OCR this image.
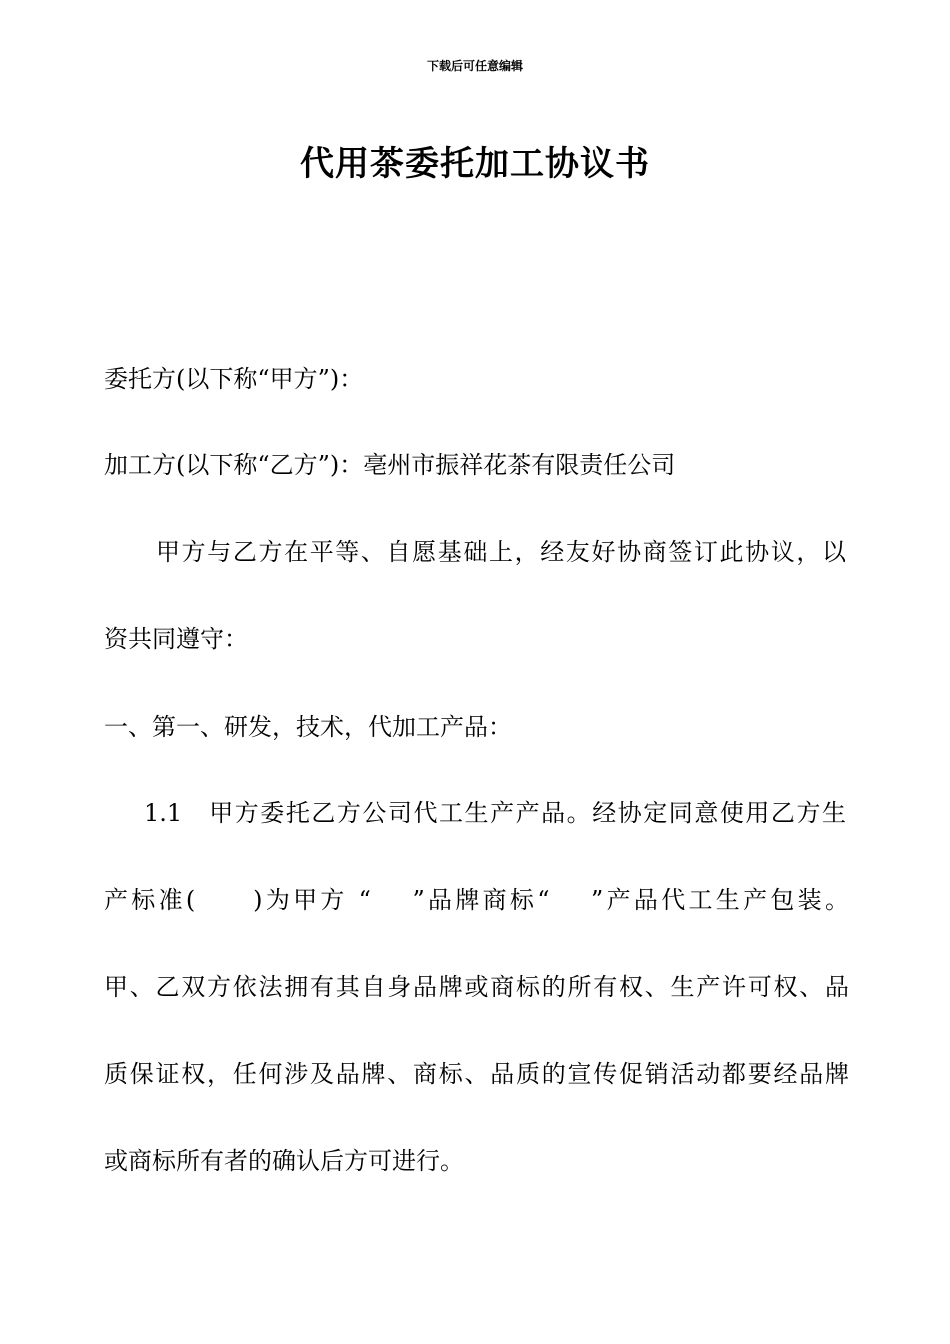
下载后可任意编辑
代用茶委托加工协议书
委托方(以下称“甲方”)：
加工方(以下称“乙方”)：亳州市振祥花茶有限责任公司
甲方与乙方在平等、自愿基础上，经友好协商签订此协议，以
资共同遵守：
一、第一、研发，技术，代加工产品：
1.1　甲方委托乙方公司代工生产产品。经协定同意使用乙方生
产标准(　　)为甲方 “　 ”品牌商标“　 ”产品代工生产包装。
甲、乙双方依法拥有其自身品牌或商标的所有权、生产许可权、品
质保证权，任何涉及品牌、商标、品质的宣传促销活动都要经品牌
或商标所有者的确认后方可进行。
